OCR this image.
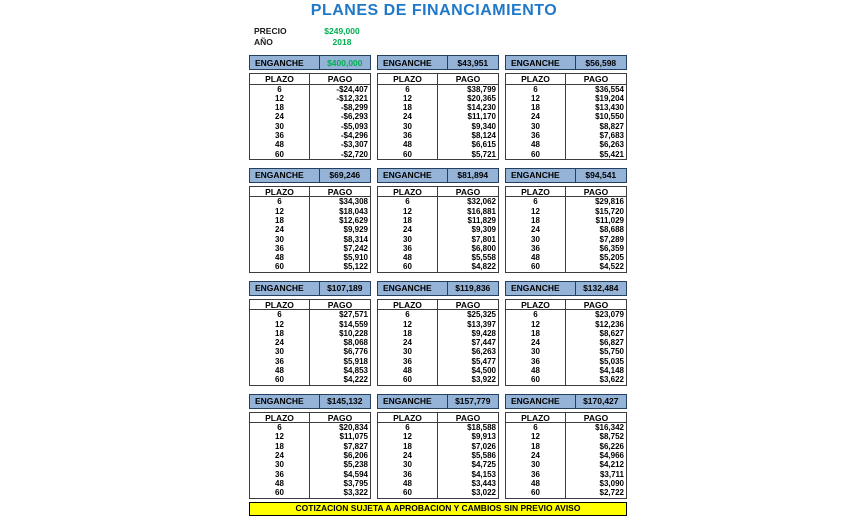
PLANES DE FINANCIAMIENTO
PRECIO	$249,000
AÑO	2018
ENGANCHE	$400,000
PLAZO	PAGO
6	-$24,407
12	-$12,321
18	-$8,299
24	-$6,293
30	-$5,093
36	-$4,296
48	-$3,307
60	-$2,720
ENGANCHE	$43,951
PLAZO	PAGO
6	$38,799
12	$20,365
18	$14,230
24	$11,170
30	$9,340
36	$8,124
48	$6,615
60	$5,721
ENGANCHE	$56,598
PLAZO	PAGO
6	$36,554
12	$19,204
18	$13,430
24	$10,550
30	$8,827
36	$7,683
48	$6,263
60	$5,421
ENGANCHE	$69,246
PLAZO	PAGO
6	$34,308
12	$18,043
18	$12,629
24	$9,929
30	$8,314
36	$7,242
48	$5,910
60	$5,122
ENGANCHE	$81,894
PLAZO	PAGO
6	$32,062
12	$16,881
18	$11,829
24	$9,309
30	$7,801
36	$6,800
48	$5,558
60	$4,822
ENGANCHE	$94,541
PLAZO	PAGO
6	$29,816
12	$15,720
18	$11,029
24	$8,688
30	$7,289
36	$6,359
48	$5,205
60	$4,522
ENGANCHE	$107,189
PLAZO	PAGO
6	$27,571
12	$14,559
18	$10,228
24	$8,068
30	$6,776
36	$5,918
48	$4,853
60	$4,222
ENGANCHE	$119,836
PLAZO	PAGO
6	$25,325
12	$13,397
18	$9,428
24	$7,447
30	$6,263
36	$5,477
48	$4,500
60	$3,922
ENGANCHE	$132,484
PLAZO	PAGO
6	$23,079
12	$12,236
18	$8,627
24	$6,827
30	$5,750
36	$5,035
48	$4,148
60	$3,622
ENGANCHE	$145,132
PLAZO	PAGO
6	$20,834
12	$11,075
18	$7,827
24	$6,206
30	$5,238
36	$4,594
48	$3,795
60	$3,322
ENGANCHE	$157,779
PLAZO	PAGO
6	$18,588
12	$9,913
18	$7,026
24	$5,586
30	$4,725
36	$4,153
48	$3,443
60	$3,022
ENGANCHE	$170,427
PLAZO	PAGO
6	$16,342
12	$8,752
18	$6,226
24	$4,966
30	$4,212
36	$3,711
48	$3,090
60	$2,722
COTIZACION SUJETA A APROBACION Y CAMBIOS SIN PREVIO AVISO
